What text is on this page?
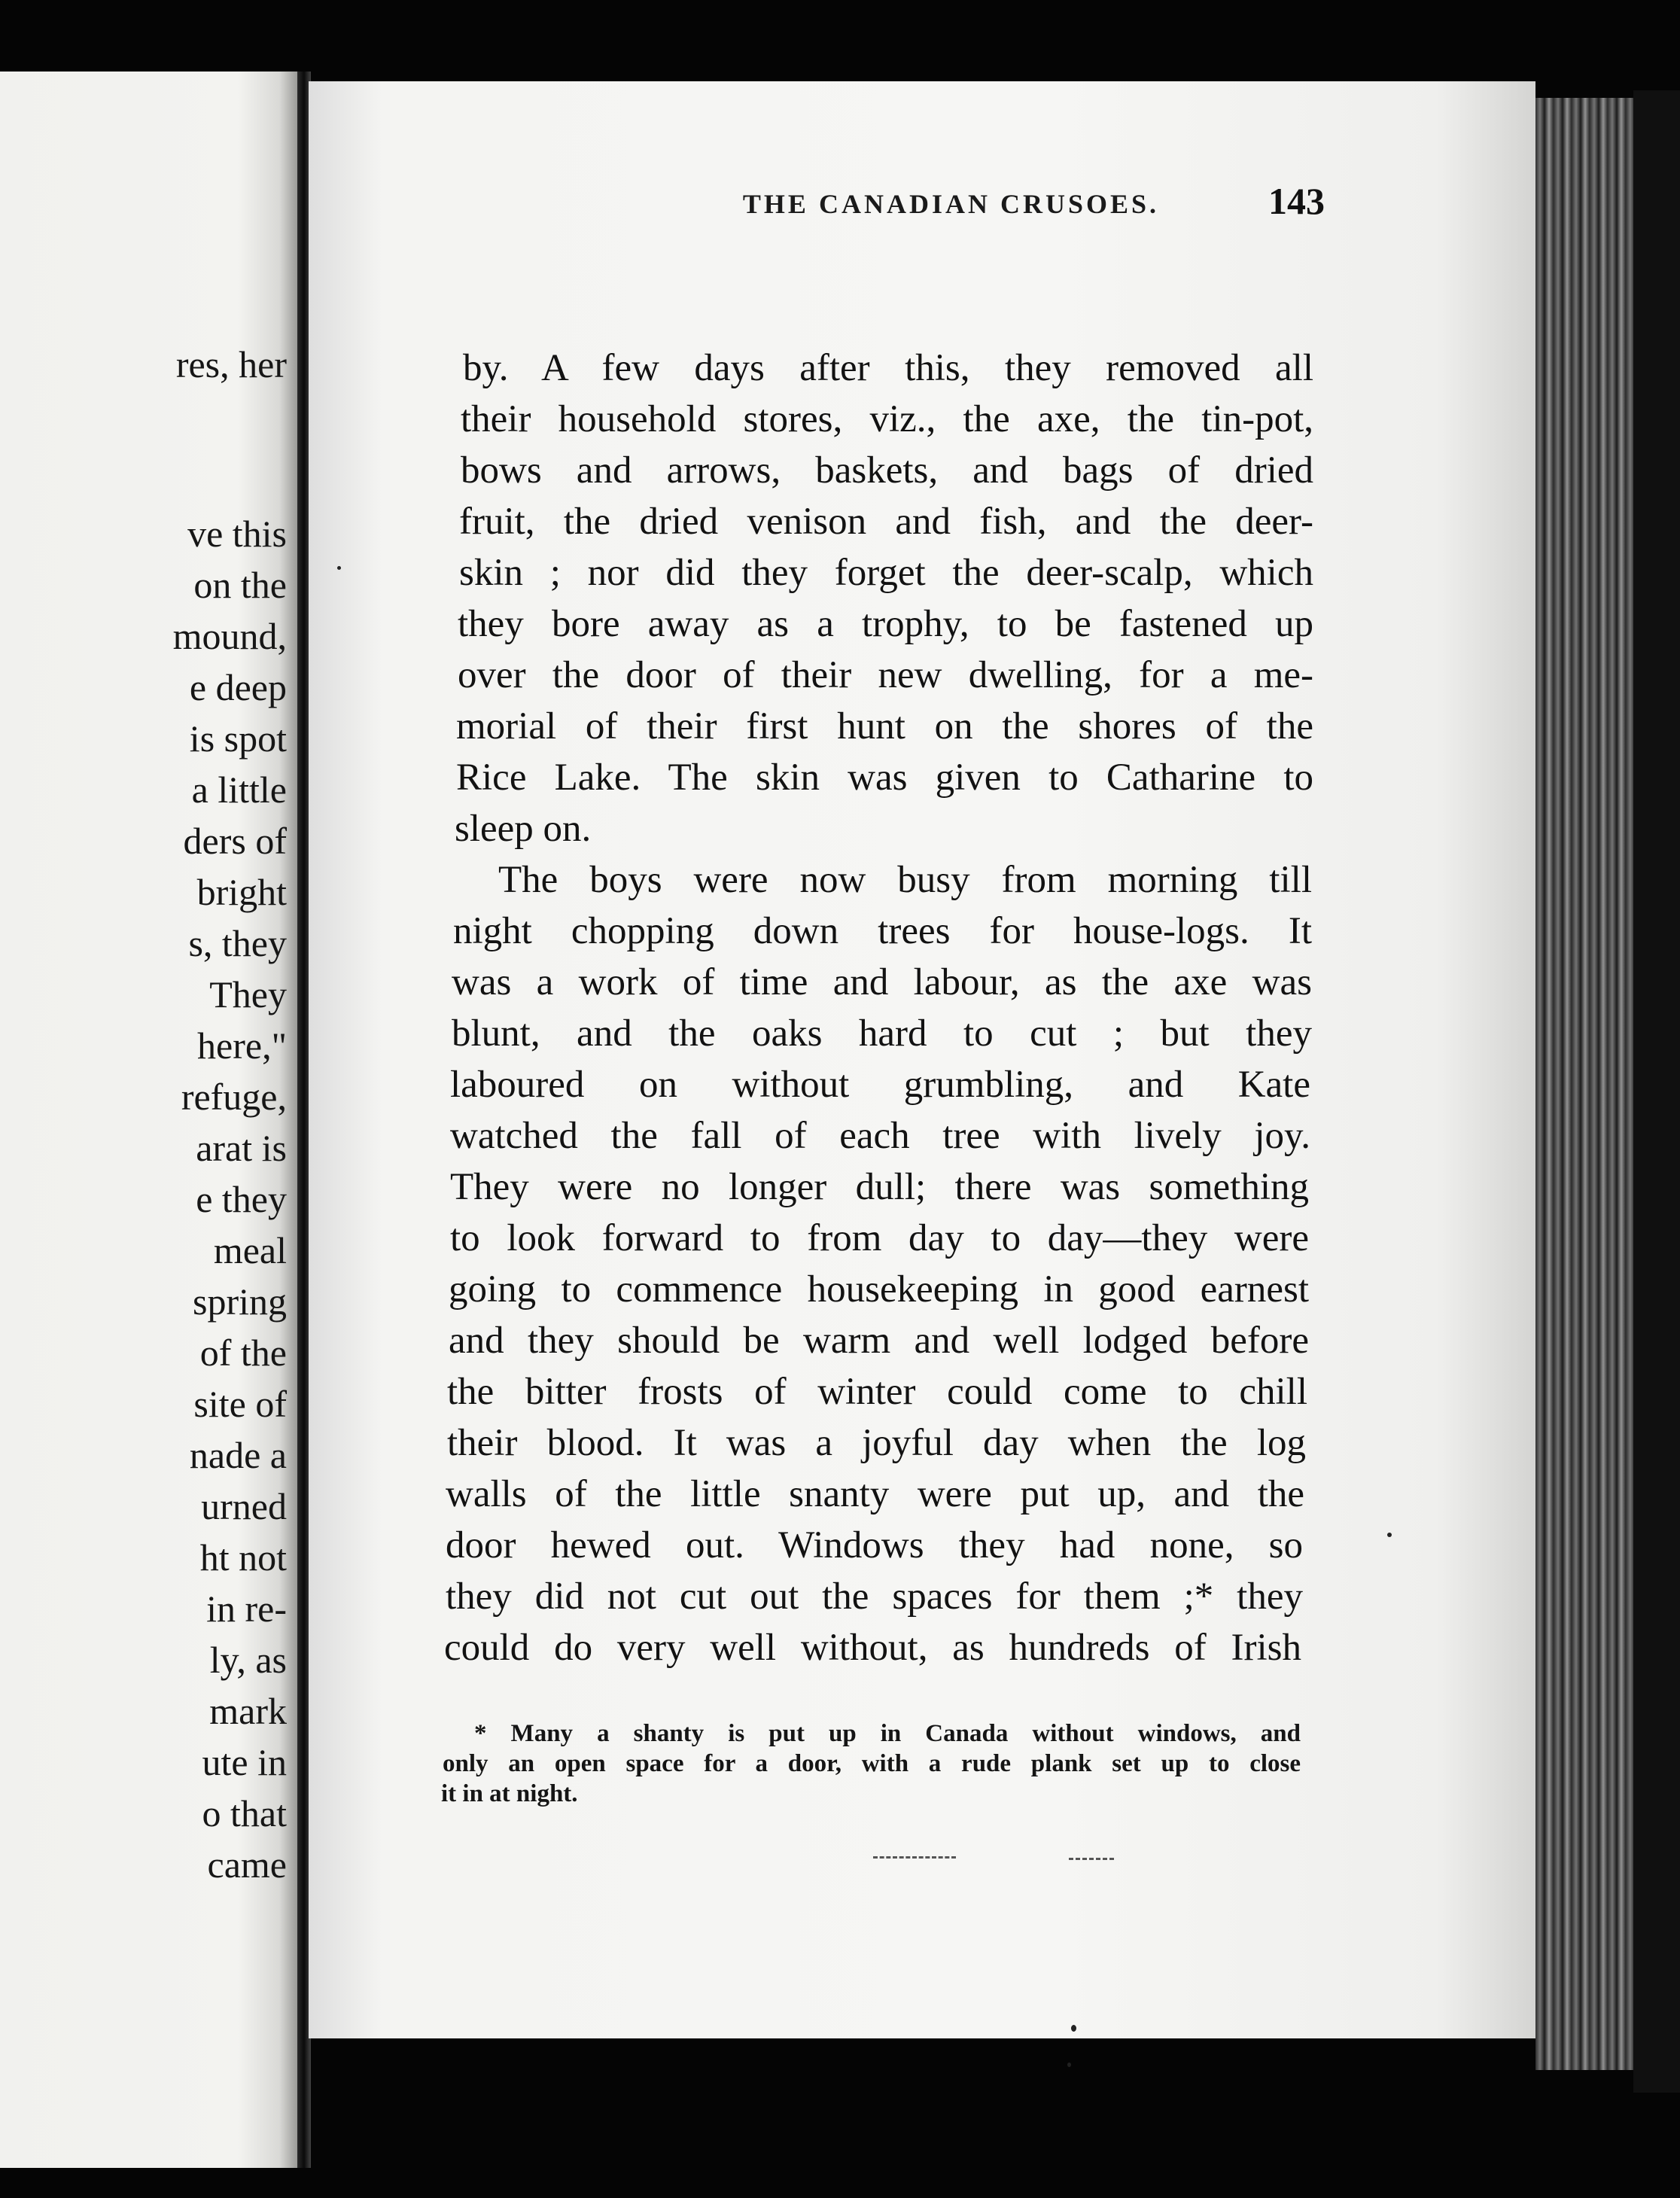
res, her
ve this
on the
mound,
e deep
is spot
a little
ders of
bright
s, they
They
here,"
refuge,
arat is
e they
meal
spring
of the
site of
nade a
urned
ht not
in re-
ly, as
mark
ute in
o that
came
THE CANADIAN CRUSOES.	143
by. A few days after this, they removed all
their household stores, viz., the axe, the tin-pot,
bows and arrows, baskets, and bags of dried
fruit, the dried venison and fish, and the deer-
skin ; nor did they forget the deer-scalp, which
they bore away as a trophy, to be fastened up
over the door of their new dwelling, for a me-
morial of their first hunt on the shores of the
Rice Lake. The skin was given to Catharine to
sleep on.
The boys were now busy from morning till
night chopping down trees for house-logs. It
was a work of time and labour, as the axe was
blunt, and the oaks hard to cut ; but they
laboured on without grumbling, and Kate
watched the fall of each tree with lively joy.
They were no longer dull; there was something
to look forward to from day to day—they were
going to commence housekeeping in good earnest
and they should be warm and well lodged before
the bitter frosts of winter could come to chill
their blood. It was a joyful day when the log
walls of the little snanty were put up, and the
door hewed out. Windows they had none, so
they did not cut out the spaces for them ;* they
could do very well without, as hundreds of Irish
* Many a shanty is put up in Canada without windows, and
only an open space for a door, with a rude plank set up to close
it in at night.
